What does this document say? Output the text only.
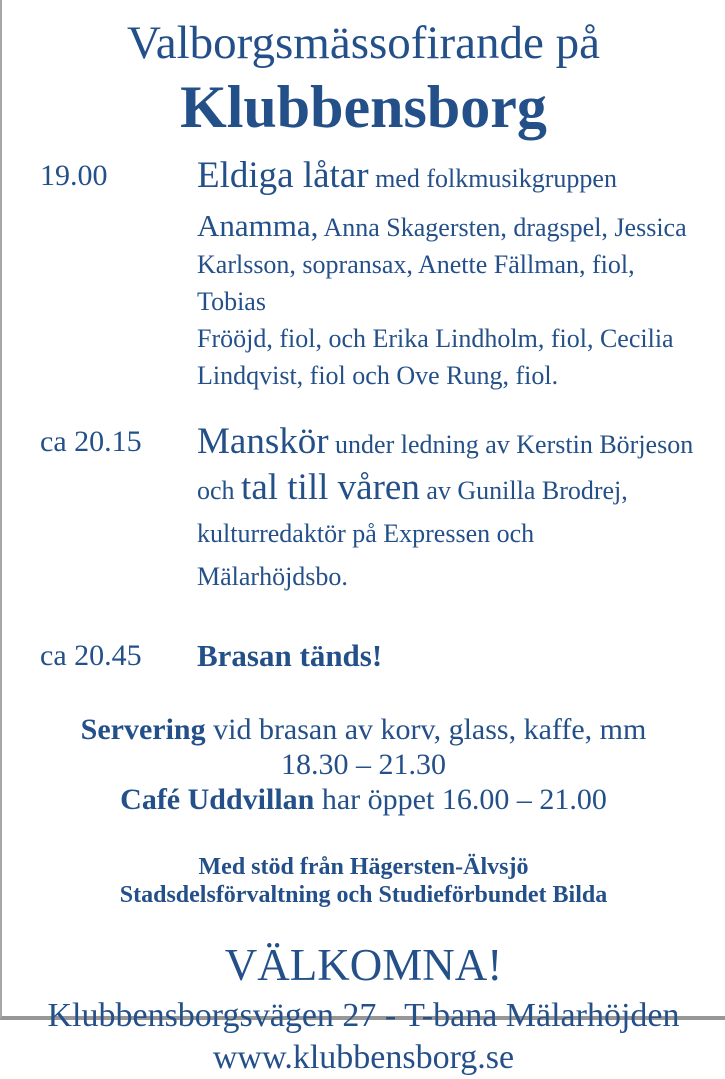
Valborgsmässofirande på
Klubbensborg
19.00	Eldiga låtar med folkmusikgruppen
Anamma, Anna Skagersten, dragspel, Jessica
Karlsson, sopransax, Anette Fällman, fiol, Tobias
Frööjd, fiol, och Erika Lindholm, fiol, Cecilia
Lindqvist, fiol och Ove Rung, fiol.
ca 20.15	Manskör under ledning av Kerstin Börjeson
och tal till våren av Gunilla Brodrej,
kulturredaktör på Expressen och
Mälarhöjdsbo.
ca 20.45	Brasan tänds!
Servering vid brasan av korv, glass, kaffe, mm
18.30 – 21.30
Café Uddvillan har öppet 16.00 – 21.00
Med stöd från Hägersten-Älvsjö
Stadsdelsförvaltning och Studieförbundet Bilda
VÄLKOMNA!
Klubbensborgsvägen 27 - T-bana Mälarhöjden
www.klubbensborg.se
